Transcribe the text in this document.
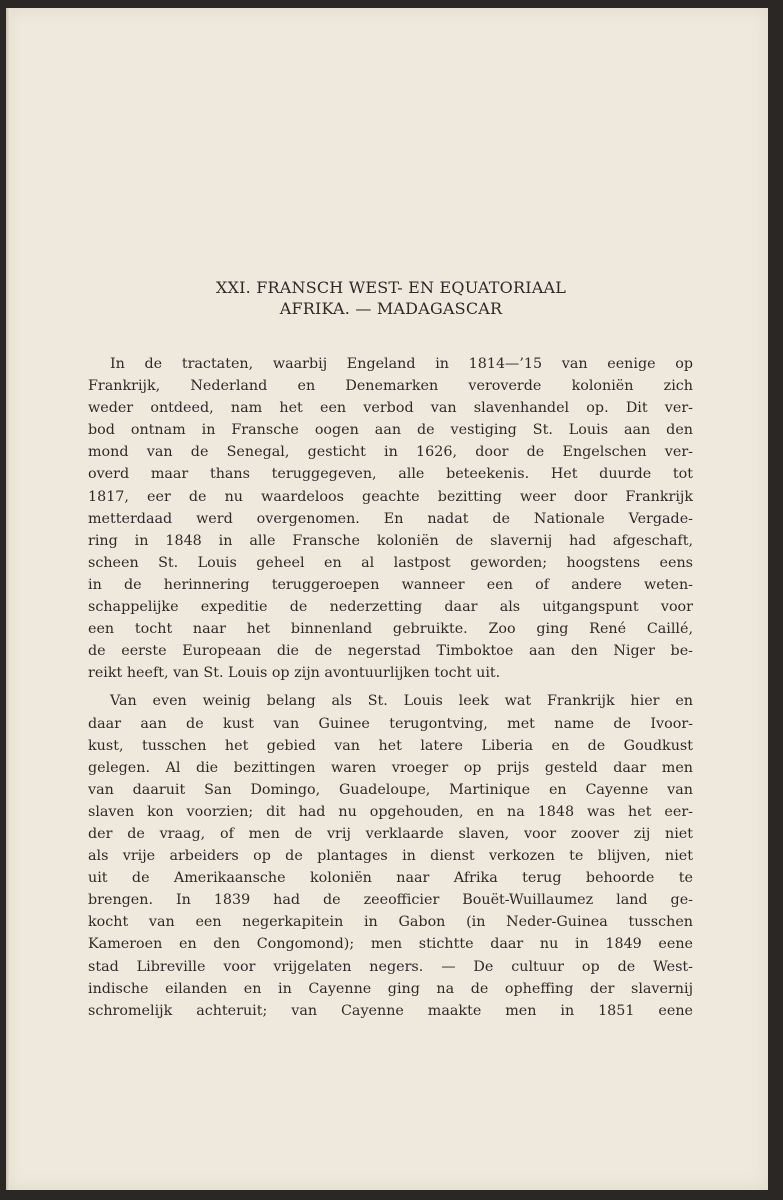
XXI. FRANSCH WEST- EN EQUATORIAAL
AFRIKA. — MADAGASCAR
In de tractaten, waarbij Engeland in 1814—’15 van eenige op
Frankrijk, Nederland en Denemarken veroverde koloniën zich
weder ontdeed, nam het een verbod van slavenhandel op. Dit ver-
bod ontnam in Fransche oogen aan de vestiging St. Louis aan den
mond van de Senegal, gesticht in 1626, door de Engelschen ver-
overd maar thans teruggegeven, alle beteekenis. Het duurde tot
1817, eer de nu waardeloos geachte bezitting weer door Frankrijk
metterdaad werd overgenomen. En nadat de Nationale Vergade-
ring in 1848 in alle Fransche koloniën de slavernij had afgeschaft,
scheen St. Louis geheel en al lastpost geworden; hoogstens eens
in de herinnering teruggeroepen wanneer een of andere weten-
schappelijke expeditie de nederzetting daar als uitgangspunt voor
een tocht naar het binnenland gebruikte. Zoo ging René Caillé,
de eerste Europeaan die de negerstad Timboktoe aan den Niger be-
reikt heeft, van St. Louis op zijn avontuurlijken tocht uit.
Van even weinig belang als St. Louis leek wat Frankrijk hier en
daar aan de kust van Guinee terugontving, met name de Ivoor-
kust, tusschen het gebied van het latere Liberia en de Goudkust
gelegen. Al die bezittingen waren vroeger op prijs gesteld daar men
van daaruit San Domingo, Guadeloupe, Martinique en Cayenne van
slaven kon voorzien; dit had nu opgehouden, en na 1848 was het eer-
der de vraag, of men de vrij verklaarde slaven, voor zoover zij niet
als vrije arbeiders op de plantages in dienst verkozen te blijven, niet
uit de Amerikaansche koloniën naar Afrika terug behoorde te
brengen. In 1839 had de zeeofficier Bouët-Wuillaumez land ge-
kocht van een negerkapitein in Gabon (in Neder-Guinea tusschen
Kameroen en den Congomond); men stichtte daar nu in 1849 eene
stad Libreville voor vrijgelaten negers. — De cultuur op de West-
indische eilanden en in Cayenne ging na de opheffing der slavernij
schromelijk achteruit; van Cayenne maakte men in 1851 eene
